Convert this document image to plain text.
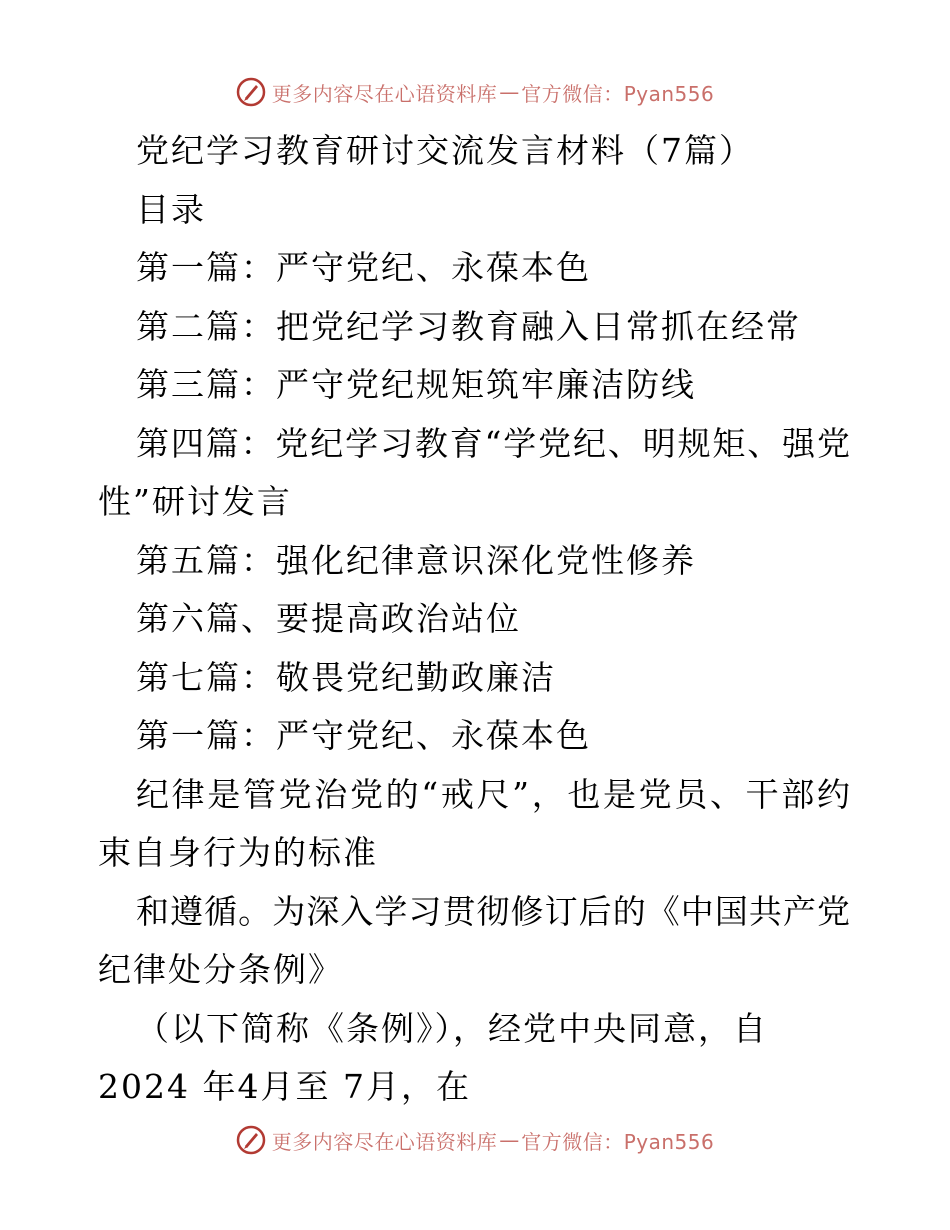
更多内容尽在心语资料库 — 官方微信：Pyan556
党纪学习教育研讨交流发言材料（7篇）
目录
第一篇：严守党纪、永葆本色
第二篇：把党纪学习教育融入日常抓在经常
第三篇：严守党纪规矩筑牢廉洁防线
第四篇：党纪学习教育“学党纪、明规矩、强党
性”研讨发言
第五篇：强化纪律意识深化党性修养
第六篇、要提高政治站位
第七篇：敬畏党纪勤政廉洁
第一篇：严守党纪、永葆本色
纪律是管党治党的“戒尺”，也是党员、干部约
束自身行为的标准
和遵循。为深入学习贯彻修订后的《中国共产党
纪律处分条例》
（以下简称《条例》），经党中央同意，自
2024 年4月至 7月，在
更多内容尽在心语资料库 — 官方微信：Pyan556
